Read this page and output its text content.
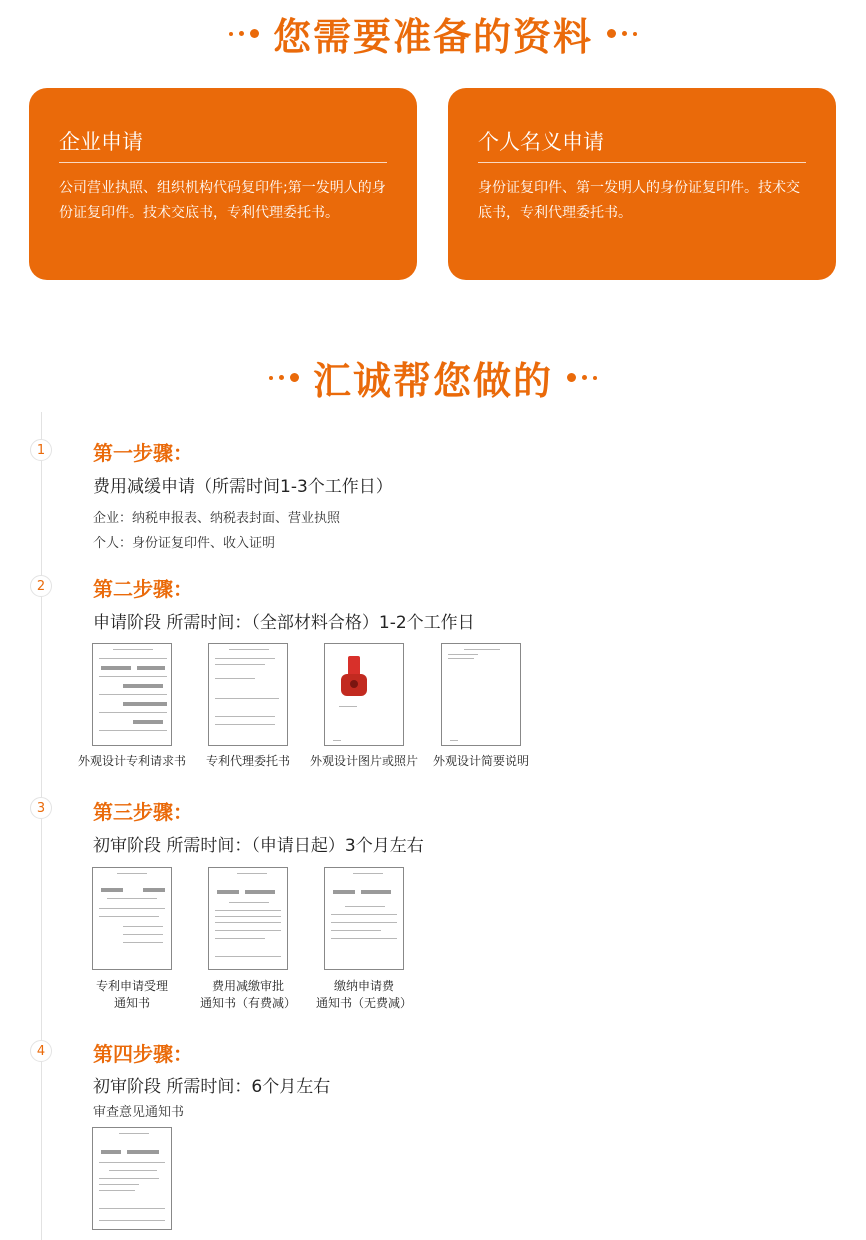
您需要准备的资料
企业申请
公司营业执照、组织机构代码复印件;第一发明人的身份证复印件。技术交底书，专利代理委托书。
个人名义申请
身份证复印件、第一发明人的身份证复印件。技术交底书，专利代理委托书。
汇诚帮您做的
1	第一步骤：
费用减缓申请（所需时间1-3个工作日）
企业：纳税申报表、纳税表封面、营业执照
个人：身份证复印件、收入证明
2	第二步骤：
申请阶段 所需时间：（全部材料合格）1-2个工作日
外观设计专利请求书	专利代理委托书	外观设计图片或照片	外观设计简要说明
3	第三步骤：
初审阶段 所需时间：（申请日起）3个月左右
专利申请受理
通知书
费用减缴审批
通知书（有费减）
缴纳申请费
通知书（无费减）
4	第四步骤：
初审阶段 所需时间：6个月左右
审查意见通知书
